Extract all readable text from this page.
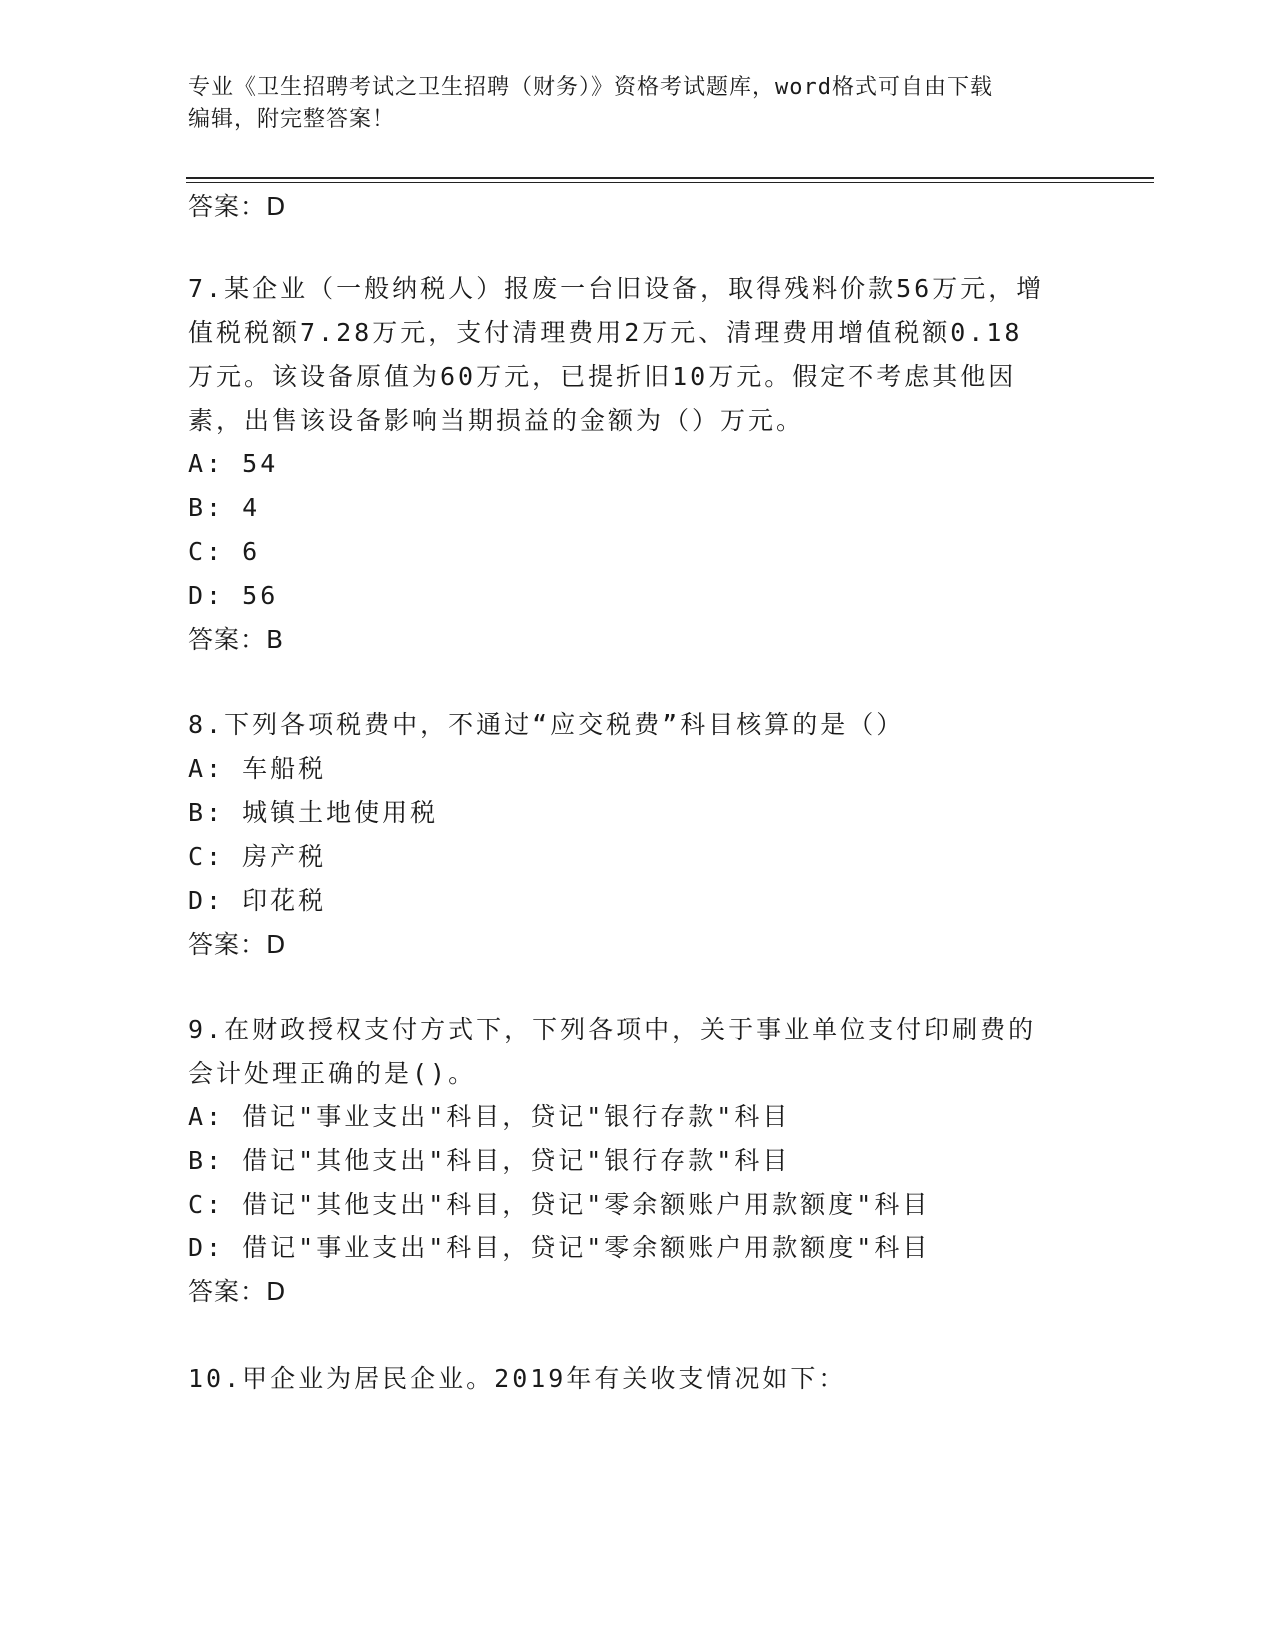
专业《卫生招聘考试之卫生招聘（财务）》资格考试题库，word格式可自由下载
编辑，附完整答案！
答案：D
7.某企业（一般纳税人）报废一台旧设备，取得残料价款56万元，增
值税税额7.28万元，支付清理费用2万元、清理费用增值税额0.18
万元。该设备原值为60万元，已提折旧10万元。假定不考虑其他因
素，出售该设备影响当期损益的金额为（）万元。
A: 54
B: 4
C: 6
D: 56
答案：B
8.下列各项税费中，不通过“应交税费”科目核算的是（）
A: 车船税
B: 城镇土地使用税
C: 房产税
D: 印花税
答案：D
9.在财政授权支付方式下，下列各项中，关于事业单位支付印刷费的
会计处理正确的是()。
A: 借记"事业支出"科目，贷记"银行存款"科目
B: 借记"其他支出"科目，贷记"银行存款"科目
C: 借记"其他支出"科目，贷记"零余额账户用款额度"科目
D: 借记"事业支出"科目，贷记"零余额账户用款额度"科目
答案：D
10.甲企业为居民企业。2019年有关收支情况如下：
